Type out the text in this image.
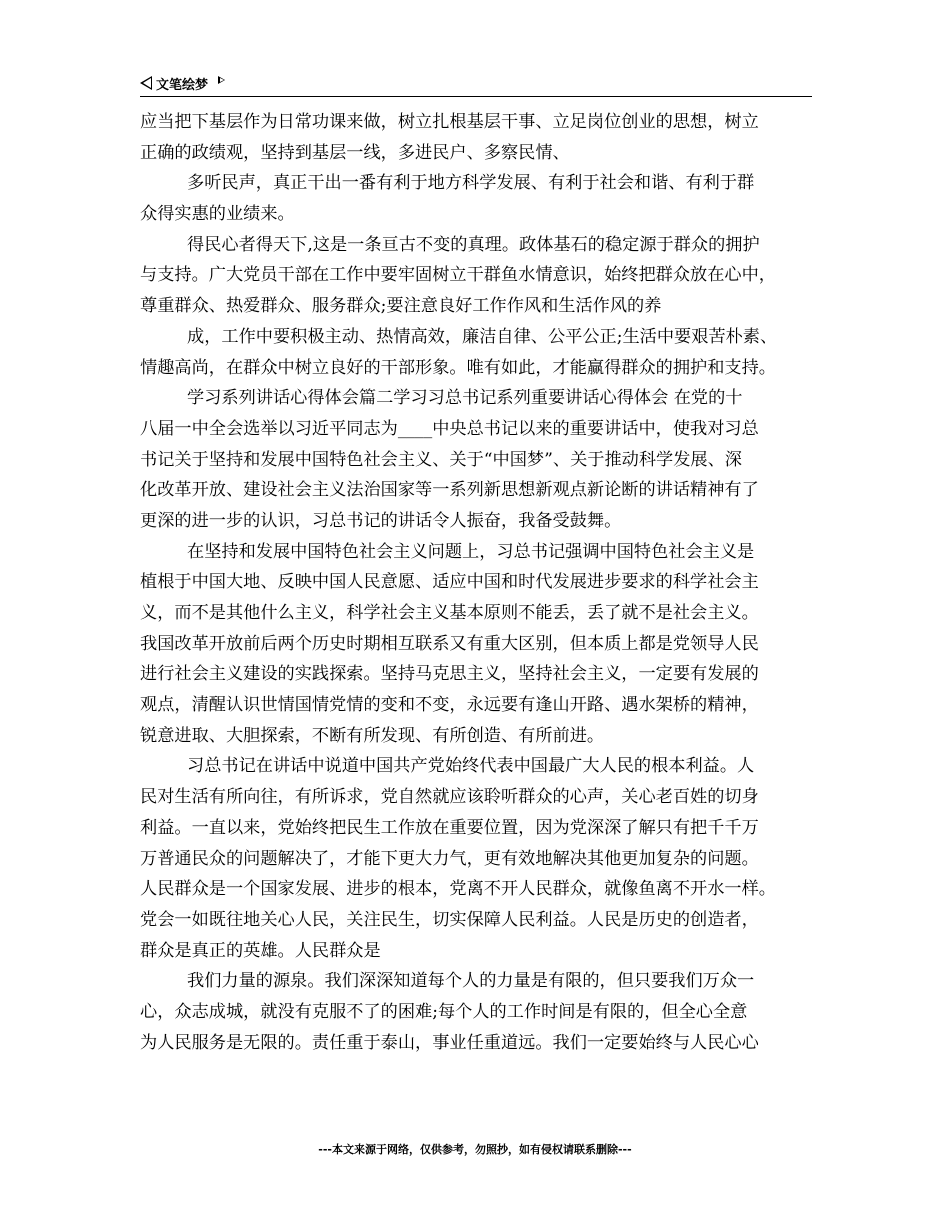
文笔绘梦
应当把下基层作为日常功课来做，树立扎根基层干事、立足岗位创业的思想，树立
正确的政绩观，坚持到基层一线，多进民户、多察民情、
多听民声，真正干出一番有利于地方科学发展、有利于社会和谐、有利于群
众得实惠的业绩来。
得民心者得天下,这是一条亘古不变的真理。政体基石的稳定源于群众的拥护
与支持。广大党员干部在工作中要牢固树立干群鱼水情意识，始终把群众放在心中，
尊重群众、热爱群众、服务群众;要注意良好工作作风和生活作风的养
成，工作中要积极主动、热情高效，廉洁自律、公平公正;生活中要艰苦朴素、
情趣高尚，在群众中树立良好的干部形象。唯有如此，才能赢得群众的拥护和支持。
学习系列讲话心得体会篇二学习习总书记系列重要讲话心得体会 在党的十
八届一中全会选举以习近平同志为____中央总书记以来的重要讲话中，使我对习总
书记关于坚持和发展中国特色社会主义、关于“中国梦”、关于推动科学发展、深
化改革开放、建设社会主义法治国家等一系列新思想新观点新论断的讲话精神有了
更深的进一步的认识，习总书记的讲话令人振奋，我备受鼓舞。
在坚持和发展中国特色社会主义问题上，习总书记强调中国特色社会主义是
植根于中国大地、反映中国人民意愿、适应中国和时代发展进步要求的科学社会主
义，而不是其他什么主义，科学社会主义基本原则不能丢，丢了就不是社会主义。
我国改革开放前后两个历史时期相互联系又有重大区别，但本质上都是党领导人民
进行社会主义建设的实践探索。坚持马克思主义，坚持社会主义，一定要有发展的
观点，清醒认识世情国情党情的变和不变，永远要有逢山开路、遇水架桥的精神，
锐意进取、大胆探索，不断有所发现、有所创造、有所前进。
习总书记在讲话中说道中国共产党始终代表中国最广大人民的根本利益。人
民对生活有所向往，有所诉求，党自然就应该聆听群众的心声，关心老百姓的切身
利益。一直以来，党始终把民生工作放在重要位置，因为党深深了解只有把千千万
万普通民众的问题解决了，才能下更大力气，更有效地解决其他更加复杂的问题。
人民群众是一个国家发展、进步的根本，党离不开人民群众，就像鱼离不开水一样。
党会一如既往地关心人民，关注民生，切实保障人民利益。人民是历史的创造者，
群众是真正的英雄。人民群众是
我们力量的源泉。我们深深知道每个人的力量是有限的，但只要我们万众一
心，众志成城，就没有克服不了的困难;每个人的工作时间是有限的，但全心全意
为人民服务是无限的。责任重于泰山，事业任重道远。我们一定要始终与人民心心
---本文来源于网络，仅供参考，勿照抄，如有侵权请联系删除---
